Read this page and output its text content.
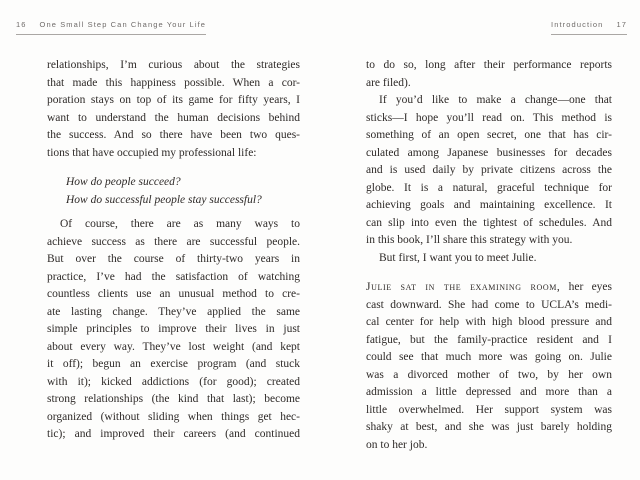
16 One Small Step Can Change Your Life
relationships, I’m curious about the strategies
that made this happiness possible. When a cor-
poration stays on top of its game for fifty years, I
want to understand the human decisions behind
the success. And so there have been two ques-
tions that have occupied my professional life:
How do people succeed?
How do successful people stay successful?
Of course, there are as many ways to
achieve success as there are successful people.
But over the course of thirty-two years in
practice, I’ve had the satisfaction of watching
countless clients use an unusual method to cre-
ate lasting change. They’ve applied the same
simple principles to improve their lives in just
about every way. They’ve lost weight (and kept
it off); begun an exercise program (and stuck
with it); kicked addictions (for good); created
strong relationships (the kind that last); become
organized (without sliding when things get hec-
tic); and improved their careers (and continued
Introduction 17
to do so, long after their performance reports
are filed).
If you’d like to make a change—one that
sticks—I hope you’ll read on. This method is
something of an open secret, one that has cir-
culated among Japanese businesses for decades
and is used daily by private citizens across the
globe. It is a natural, graceful technique for
achieving goals and maintaining excellence. It
can slip into even the tightest of schedules. And
in this book, I’ll share this strategy with you.
But first, I want you to meet Julie.
Julie sat in the examining room, her eyes
cast downward. She had come to UCLA’s medi-
cal center for help with high blood pressure and
fatigue, but the family-practice resident and I
could see that much more was going on. Julie
was a divorced mother of two, by her own
admission a little depressed and more than a
little overwhelmed. Her support system was
shaky at best, and she was just barely holding
on to her job.
